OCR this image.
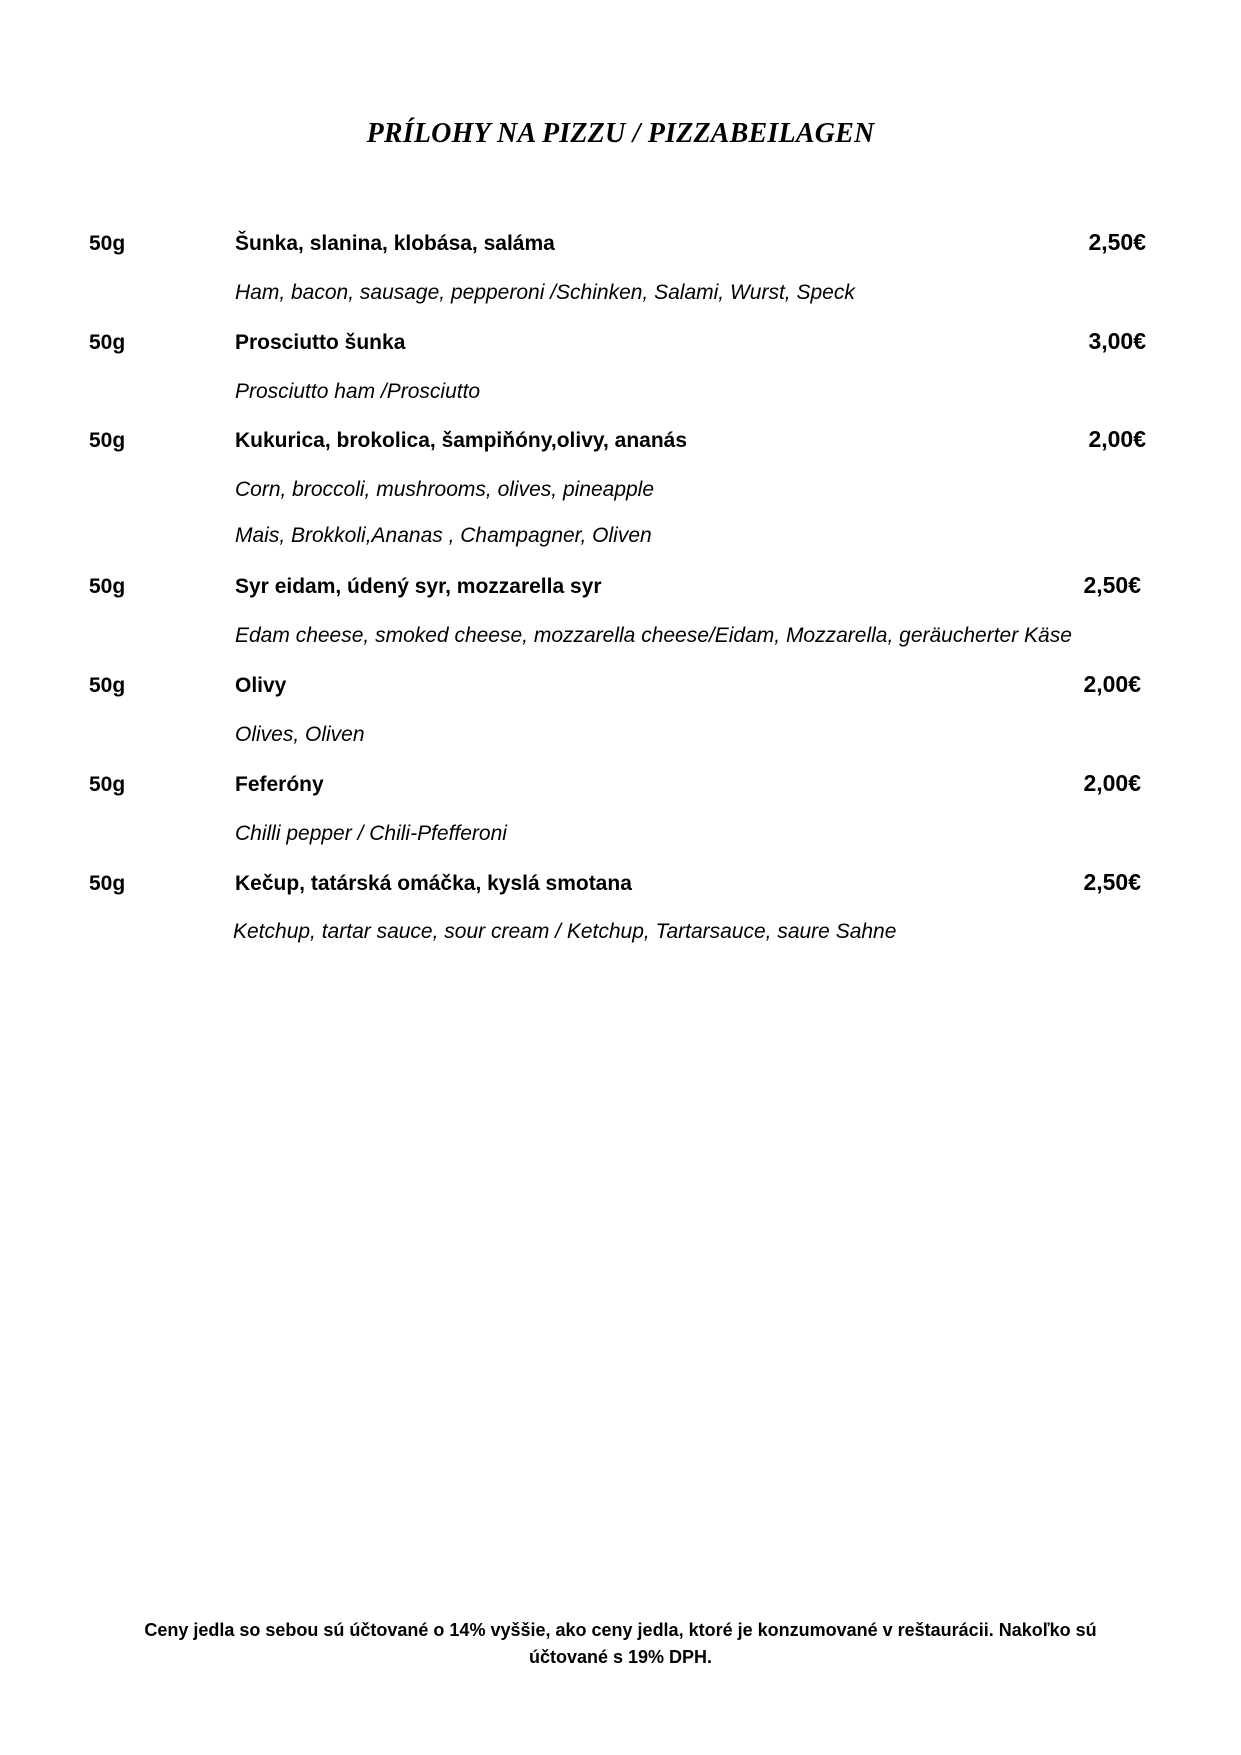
PRÍLOHY NA PIZZU / PIZZABEILAGEN
50g	Šunka, slanina, klobása, saláma	2,50€
Ham, bacon, sausage, pepperoni /Schinken, Salami, Wurst, Speck
50g	Prosciutto šunka	3,00€
Prosciutto ham /Prosciutto
50g	Kukurica, brokolica, šampiňóny,olivy, ananás	2,00€
Corn, broccoli, mushrooms, olives, pineapple
Mais, Brokkoli,Ananas , Champagner, Oliven
50g	Syr eidam, údený syr, mozzarella syr	2,50€
Edam cheese, smoked cheese, mozzarella cheese/Eidam, Mozzarella, geräucherter Käse
50g	Olivy	2,00€
Olives, Oliven
50g	Feferóny	2,00€
Chilli pepper / Chili-Pfefferoni
50g	Kečup, tatárská omáčka, kyslá smotana	2,50€
Ketchup, tartar sauce, sour cream / Ketchup, Tartarsauce, saure Sahne

Ceny jedla so sebou sú účtované o 14% vyššie, ako ceny jedla, ktoré je konzumované v reštaurácii. Nakoľko sú
účtované s 19% DPH.
